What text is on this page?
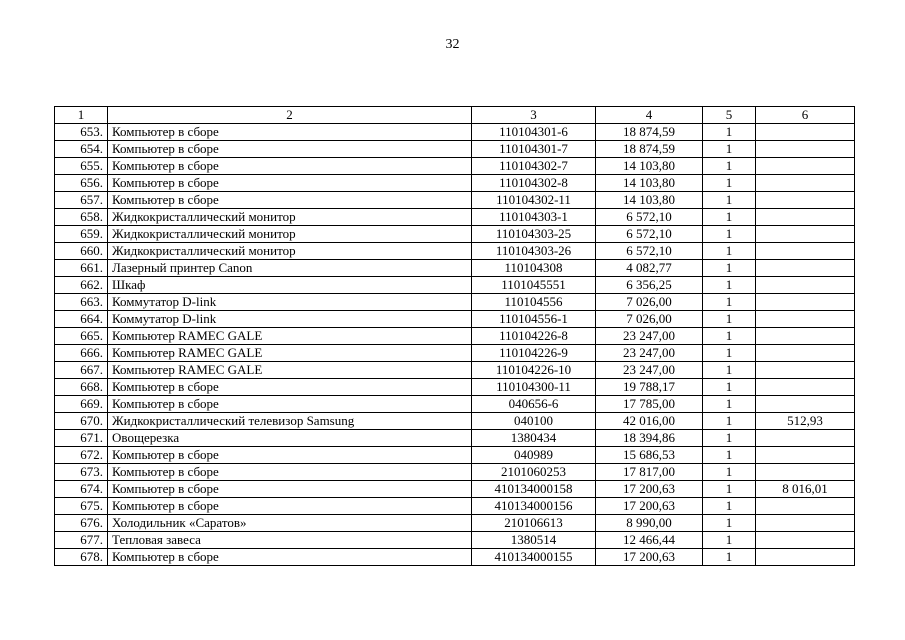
32
1	2	3	4	5	6
653.	Компьютер в сборе	110104301-6	18 874,59	1	
654.	Компьютер в сборе	110104301-7	18 874,59	1	
655.	Компьютер в сборе	110104302-7	14 103,80	1	
656.	Компьютер в сборе	110104302-8	14 103,80	1	
657.	Компьютер в сборе	110104302-11	14 103,80	1	
658.	Жидкокристаллический монитор	110104303-1	6 572,10	1	
659.	Жидкокристаллический монитор	110104303-25	6 572,10	1	
660.	Жидкокристаллический монитор	110104303-26	6 572,10	1	
661.	Лазерный принтер Canon	110104308	4 082,77	1	
662.	Шкаф	1101045551	6 356,25	1	
663.	Коммутатор D-link	110104556	7 026,00	1	
664.	Коммутатор D-link	110104556-1	7 026,00	1	
665.	Компьютер RAMEC GALE	110104226-8	23 247,00	1	
666.	Компьютер RAMEC GALE	110104226-9	23 247,00	1	
667.	Компьютер RAMEC GALE	110104226-10	23 247,00	1	
668.	Компьютер в сборе	110104300-11	19 788,17	1	
669.	Компьютер в сборе	040656-6	17 785,00	1	
670.	Жидкокристаллический телевизор Samsung	040100	42 016,00	1	512,93
671.	Овощерезка	1380434	18 394,86	1	
672.	Компьютер в сборе	040989	15 686,53	1	
673.	Компьютер в сборе	2101060253	17 817,00	1	
674.	Компьютер в сборе	410134000158	17 200,63	1	8 016,01
675.	Компьютер в сборе	410134000156	17 200,63	1	
676.	Холодильник «Саратов»	210106613	8 990,00	1	
677.	Тепловая завеса	1380514	12 466,44	1	
678.	Компьютер в сборе	410134000155	17 200,63	1	
